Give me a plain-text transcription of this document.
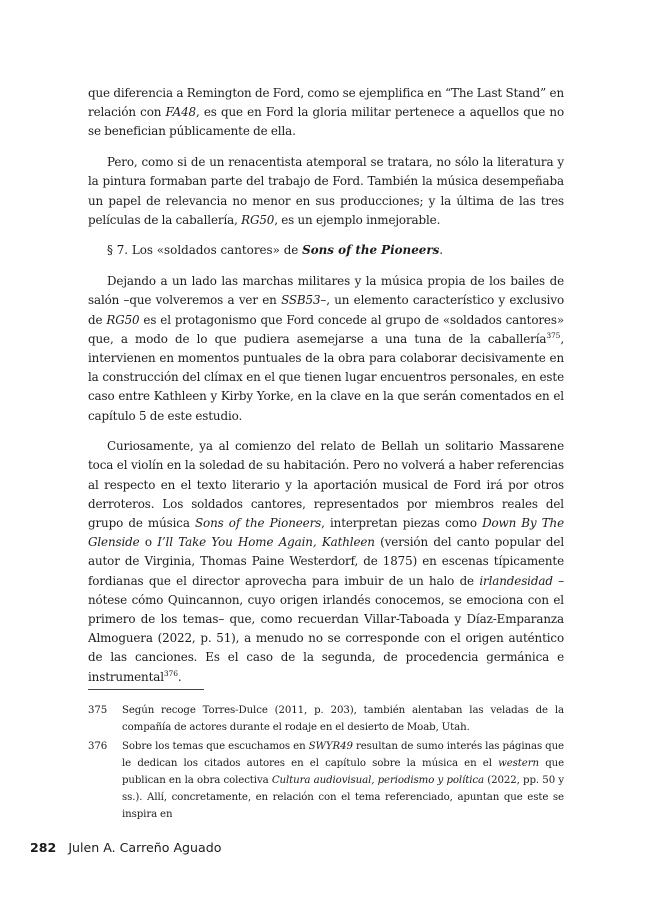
que diferencia a Remington de Ford, como se ejemplifica en “The Last Stand” en relación con FA48, es que en Ford la gloria militar pertenece a aquellos que no se benefician públicamente de ella.

Pero, como si de un renacentista atemporal se tratara, no sólo la literatura y la pintura formaban parte del trabajo de Ford. También la música desempeñaba un papel de relevancia no menor en sus producciones; y la última de las tres películas de la caballería, RG50, es un ejemplo inmejorable.

§ 7. Los «soldados cantores» de Sons of the Pioneers.

Dejando a un lado las marchas militares y la música propia de los bailes de salón –que volveremos a ver en SSB53–, un elemento característico y exclusivo de RG50 es el protagonismo que Ford concede al grupo de «soldados cantores» que, a modo de lo que pudiera asemejarse a una tuna de la caballería$^{375}$, intervienen en momentos puntuales de la obra para colaborar decisivamente en la construcción del clímax en el que tienen lugar encuentros personales, en este caso entre Kathleen y Kirby Yorke, en la clave en la que serán comentados en el capítulo 5 de este estudio.

Curiosamente, ya al comienzo del relato de Bellah un solitario Massarene toca el violín en la soledad de su habitación. Pero no volverá a haber referencias al respecto en el texto literario y la aportación musical de Ford irá por otros derroteros. Los soldados cantores, representados por miembros reales del grupo de música Sons of the Pioneers, interpretan piezas como Down By The Glenside o I’ll Take You Home Again, Kathleen (versión del canto popular del autor de Virginia, Thomas Paine Westerdorf, de 1875) en escenas típicamente fordianas que el director aprovecha para imbuir de un halo de irlandesidad –nótese cómo Quincannon, cuyo origen irlandés conocemos, se emociona con el primero de los temas– que, como recuerdan Villar-Taboada y Díaz-Emparanza Almoguera (2022, p. 51), a menudo no se corresponde con el origen auténtico de las canciones. Es el caso de la segunda, de procedencia germánica e instrumental$^{376}$.

375	Según recoge Torres-Dulce (2011, p. 203), también alentaban las veladas de la compañía de actores durante el rodaje en el desierto de Moab, Utah.
376	Sobre los temas que escuchamos en SWYR49 resultan de sumo interés las páginas que le dedican los citados autores en el capítulo sobre la música en el western que publican en la obra colectiva Cultura audiovisual, periodismo y política (2022, pp. 50 y ss.). Allí, concretamente, en relación con el tema referenciado, apuntan que este se inspira en
282 Julen A. Carreño Aguado
